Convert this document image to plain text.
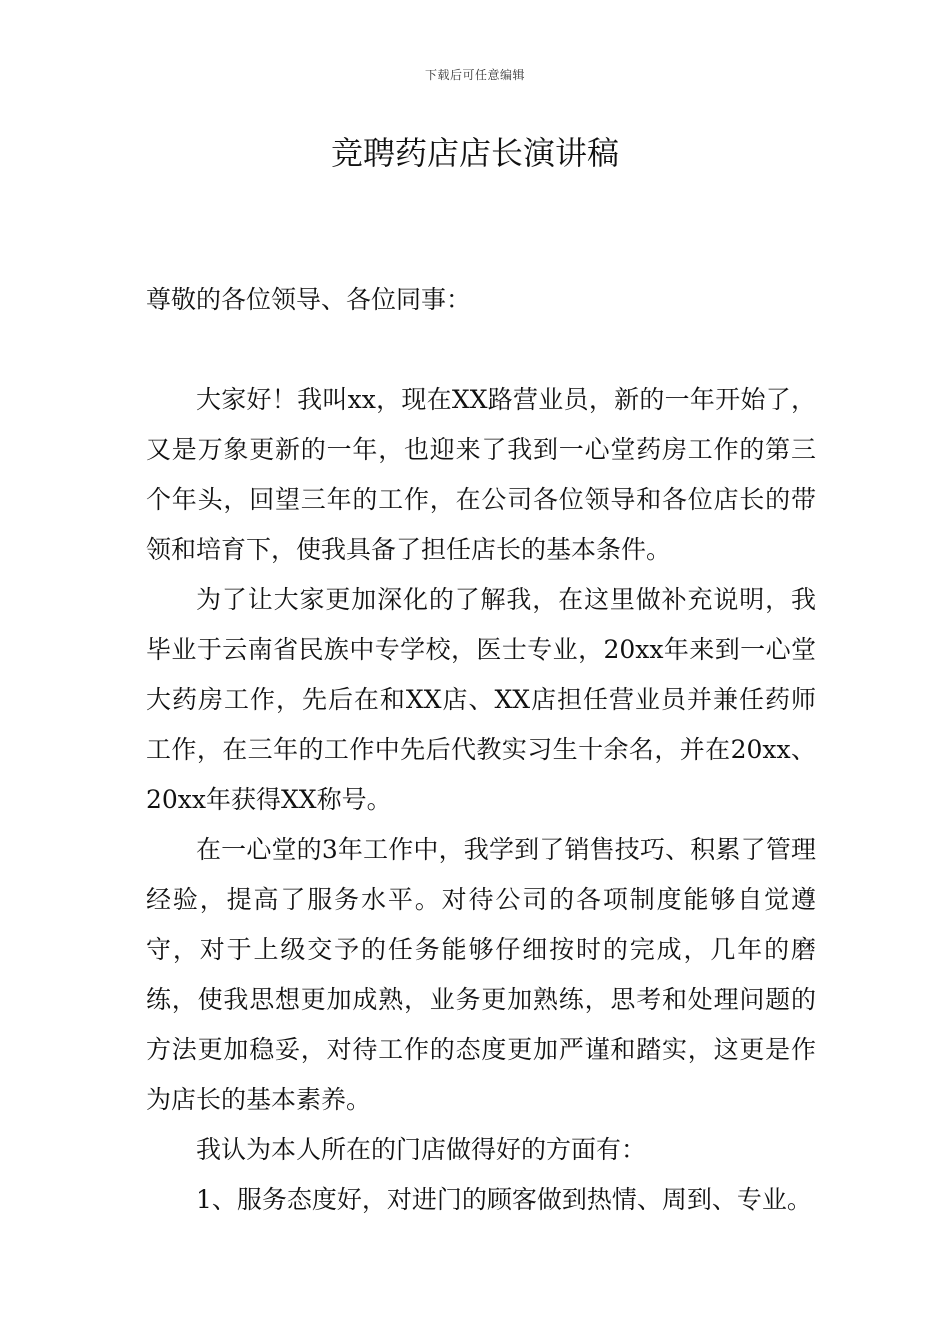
下载后可任意编辑
竞聘药店店长演讲稿
尊敬的各位领导、各位同事：

大家好！我叫xx，现在XX路营业员，新的一年开始了，又是万象更新的一年，也迎来了我到一心堂药房工作的第三个年头，回望三年的工作，在公司各位领导和各位店长的带领和培育下，使我具备了担任店长的基本条件。

为了让大家更加深化的了解我，在这里做补充说明，我毕业于云南省民族中专学校，医士专业，20xx年来到一心堂大药房工作，先后在和XX店、XX店担任营业员并兼任药师工作，在三年的工作中先后代教实习生十余名，并在20xx、20xx年获得XX称号。

在一心堂的3年工作中，我学到了销售技巧、积累了管理经验，提高了服务水平。对待公司的各项制度能够自觉遵守，对于上级交予的任务能够仔细按时的完成，几年的磨练，使我思想更加成熟，业务更加熟练，思考和处理问题的方法更加稳妥，对待工作的态度更加严谨和踏实，这更是作为店长的基本素养。

我认为本人所在的门店做得好的方面有：

1、服务态度好，对进门的顾客做到热情、周到、专业。
